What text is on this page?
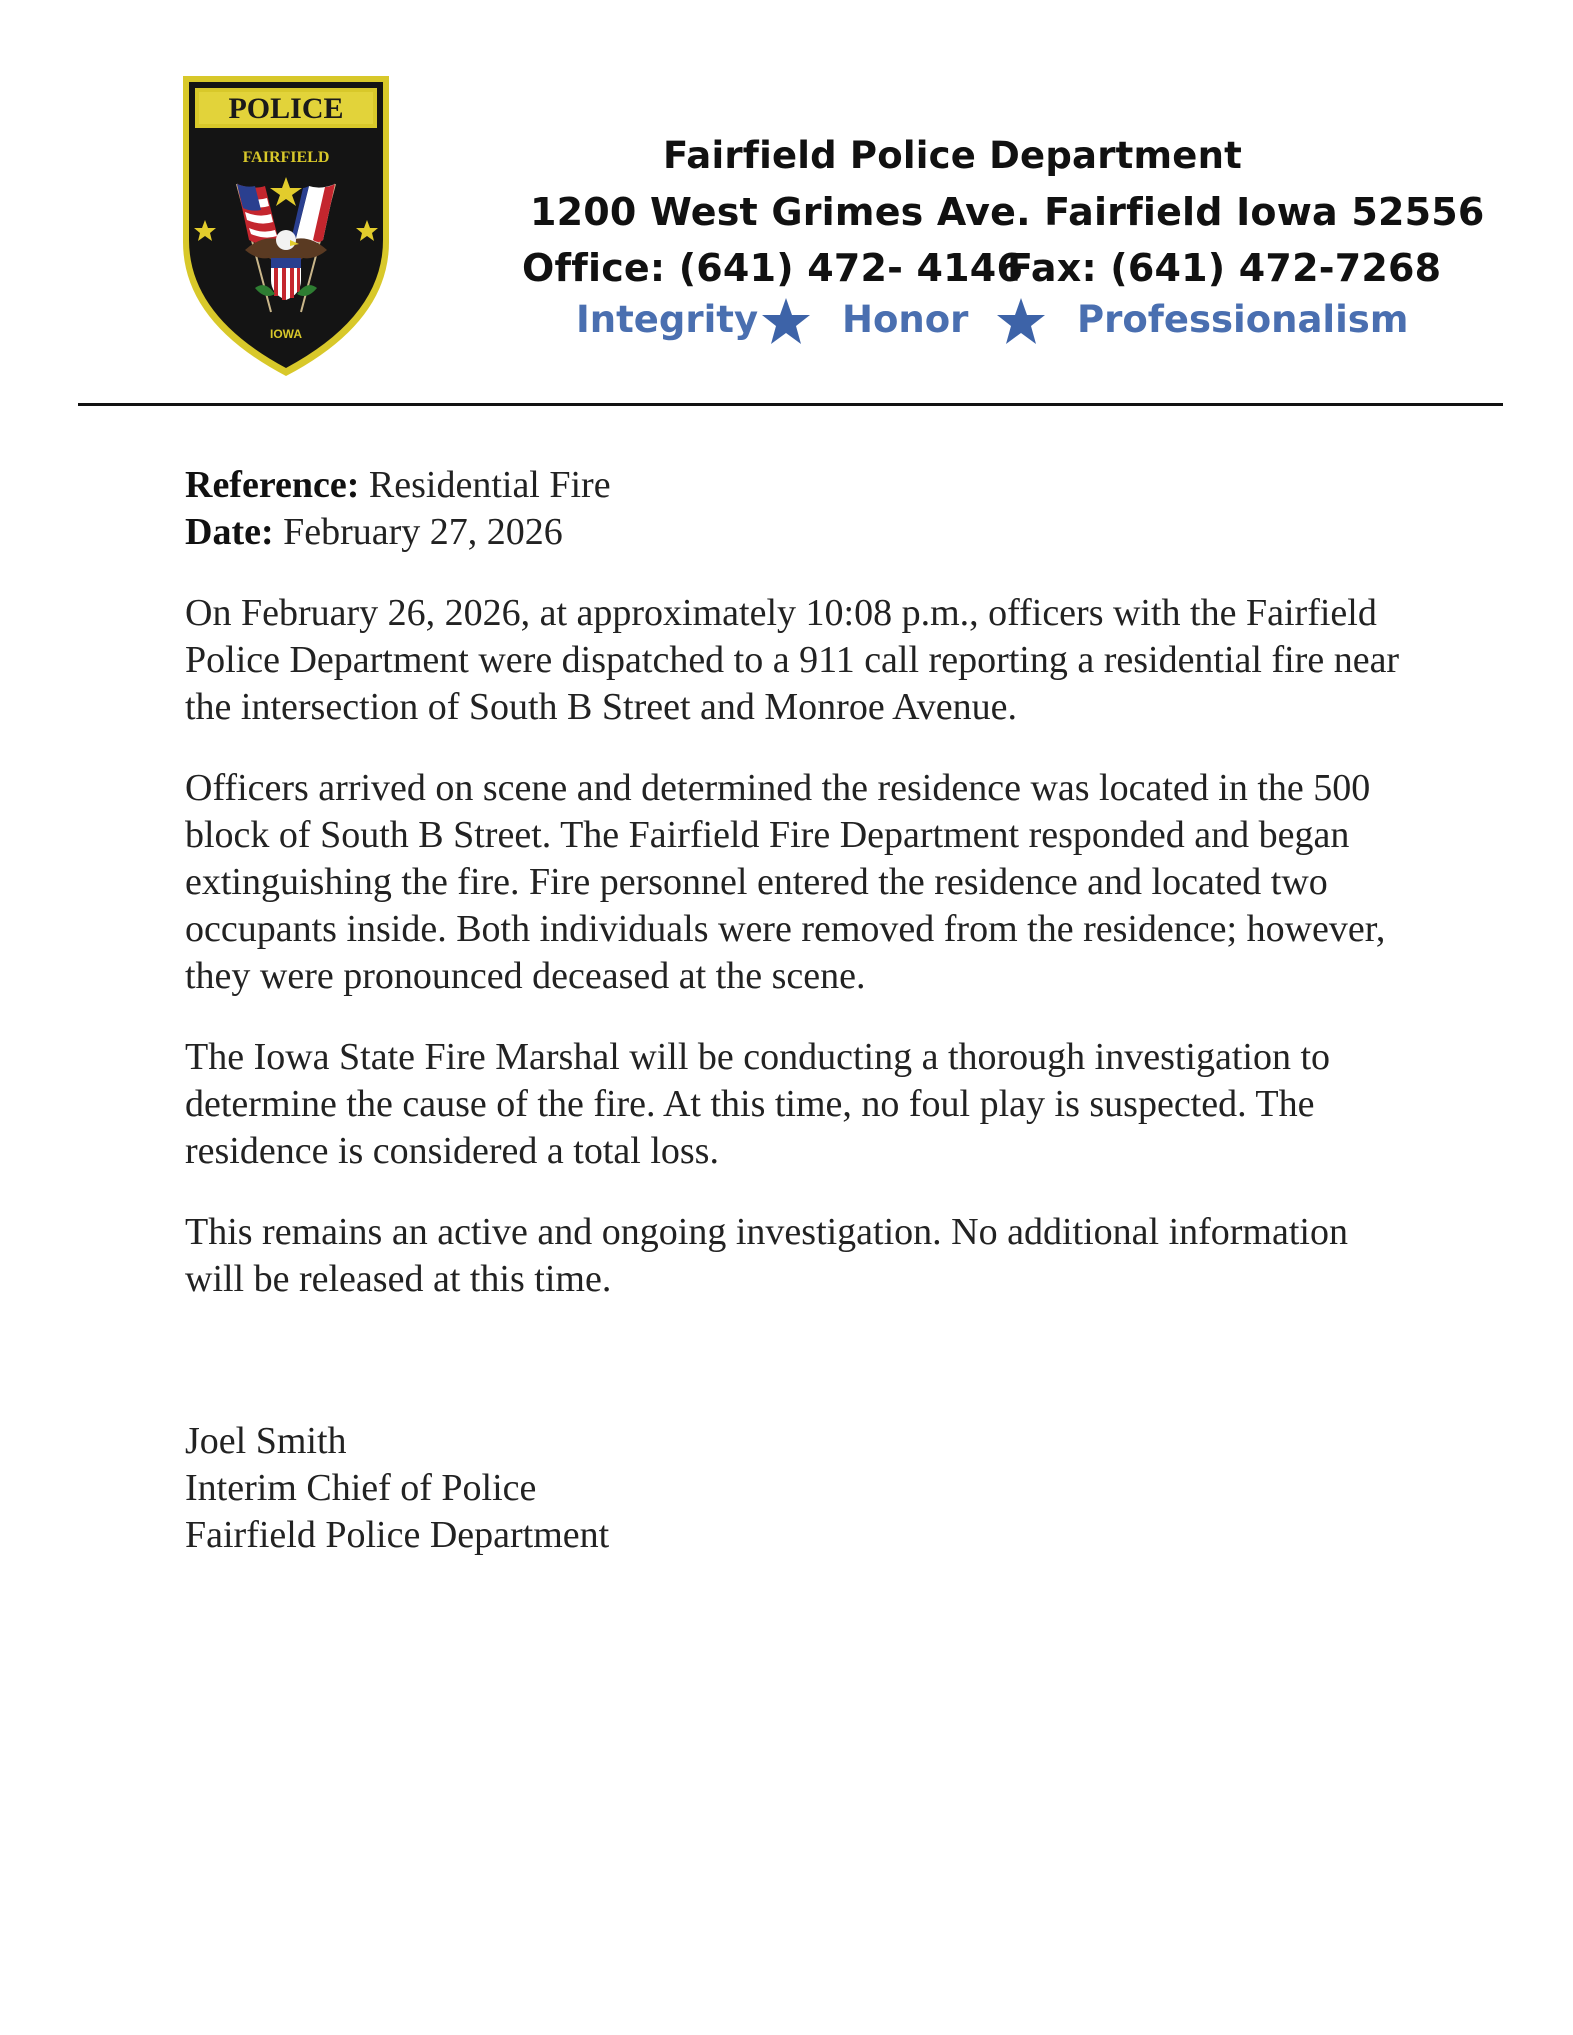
POLICE
FAIRFIELD
IOWA
Fairfield Police Department
1200 West Grimes Ave. Fairfield Iowa 52556
Office: (641) 472- 4146
Fax: (641) 472-7268
Integrity Honor	Professionalism

Reference: Residential Fire

Date: February 27, 2026

On February 26, 2026, at approximately 10:08 p.m., officers with the Fairfield Police Department were dispatched to a 911 call reporting a residential fire near the intersection of South B Street and Monroe Avenue.

Officers arrived on scene and determined the residence was located in the 500 block of South B Street. The Fairfield Fire Department responded and began extinguishing the fire. Fire personnel entered the residence and located two occupants inside. Both individuals were removed from the residence; however, they were pronounced deceased at the scene.

The Iowa State Fire Marshal will be conducting a thorough investigation to determine the cause of the fire. At this time, no foul play is suspected. The residence is considered a total loss.

This remains an active and ongoing investigation. No additional information will be released at this time.

Joel Smith

Interim Chief of Police

Fairfield Police Department
